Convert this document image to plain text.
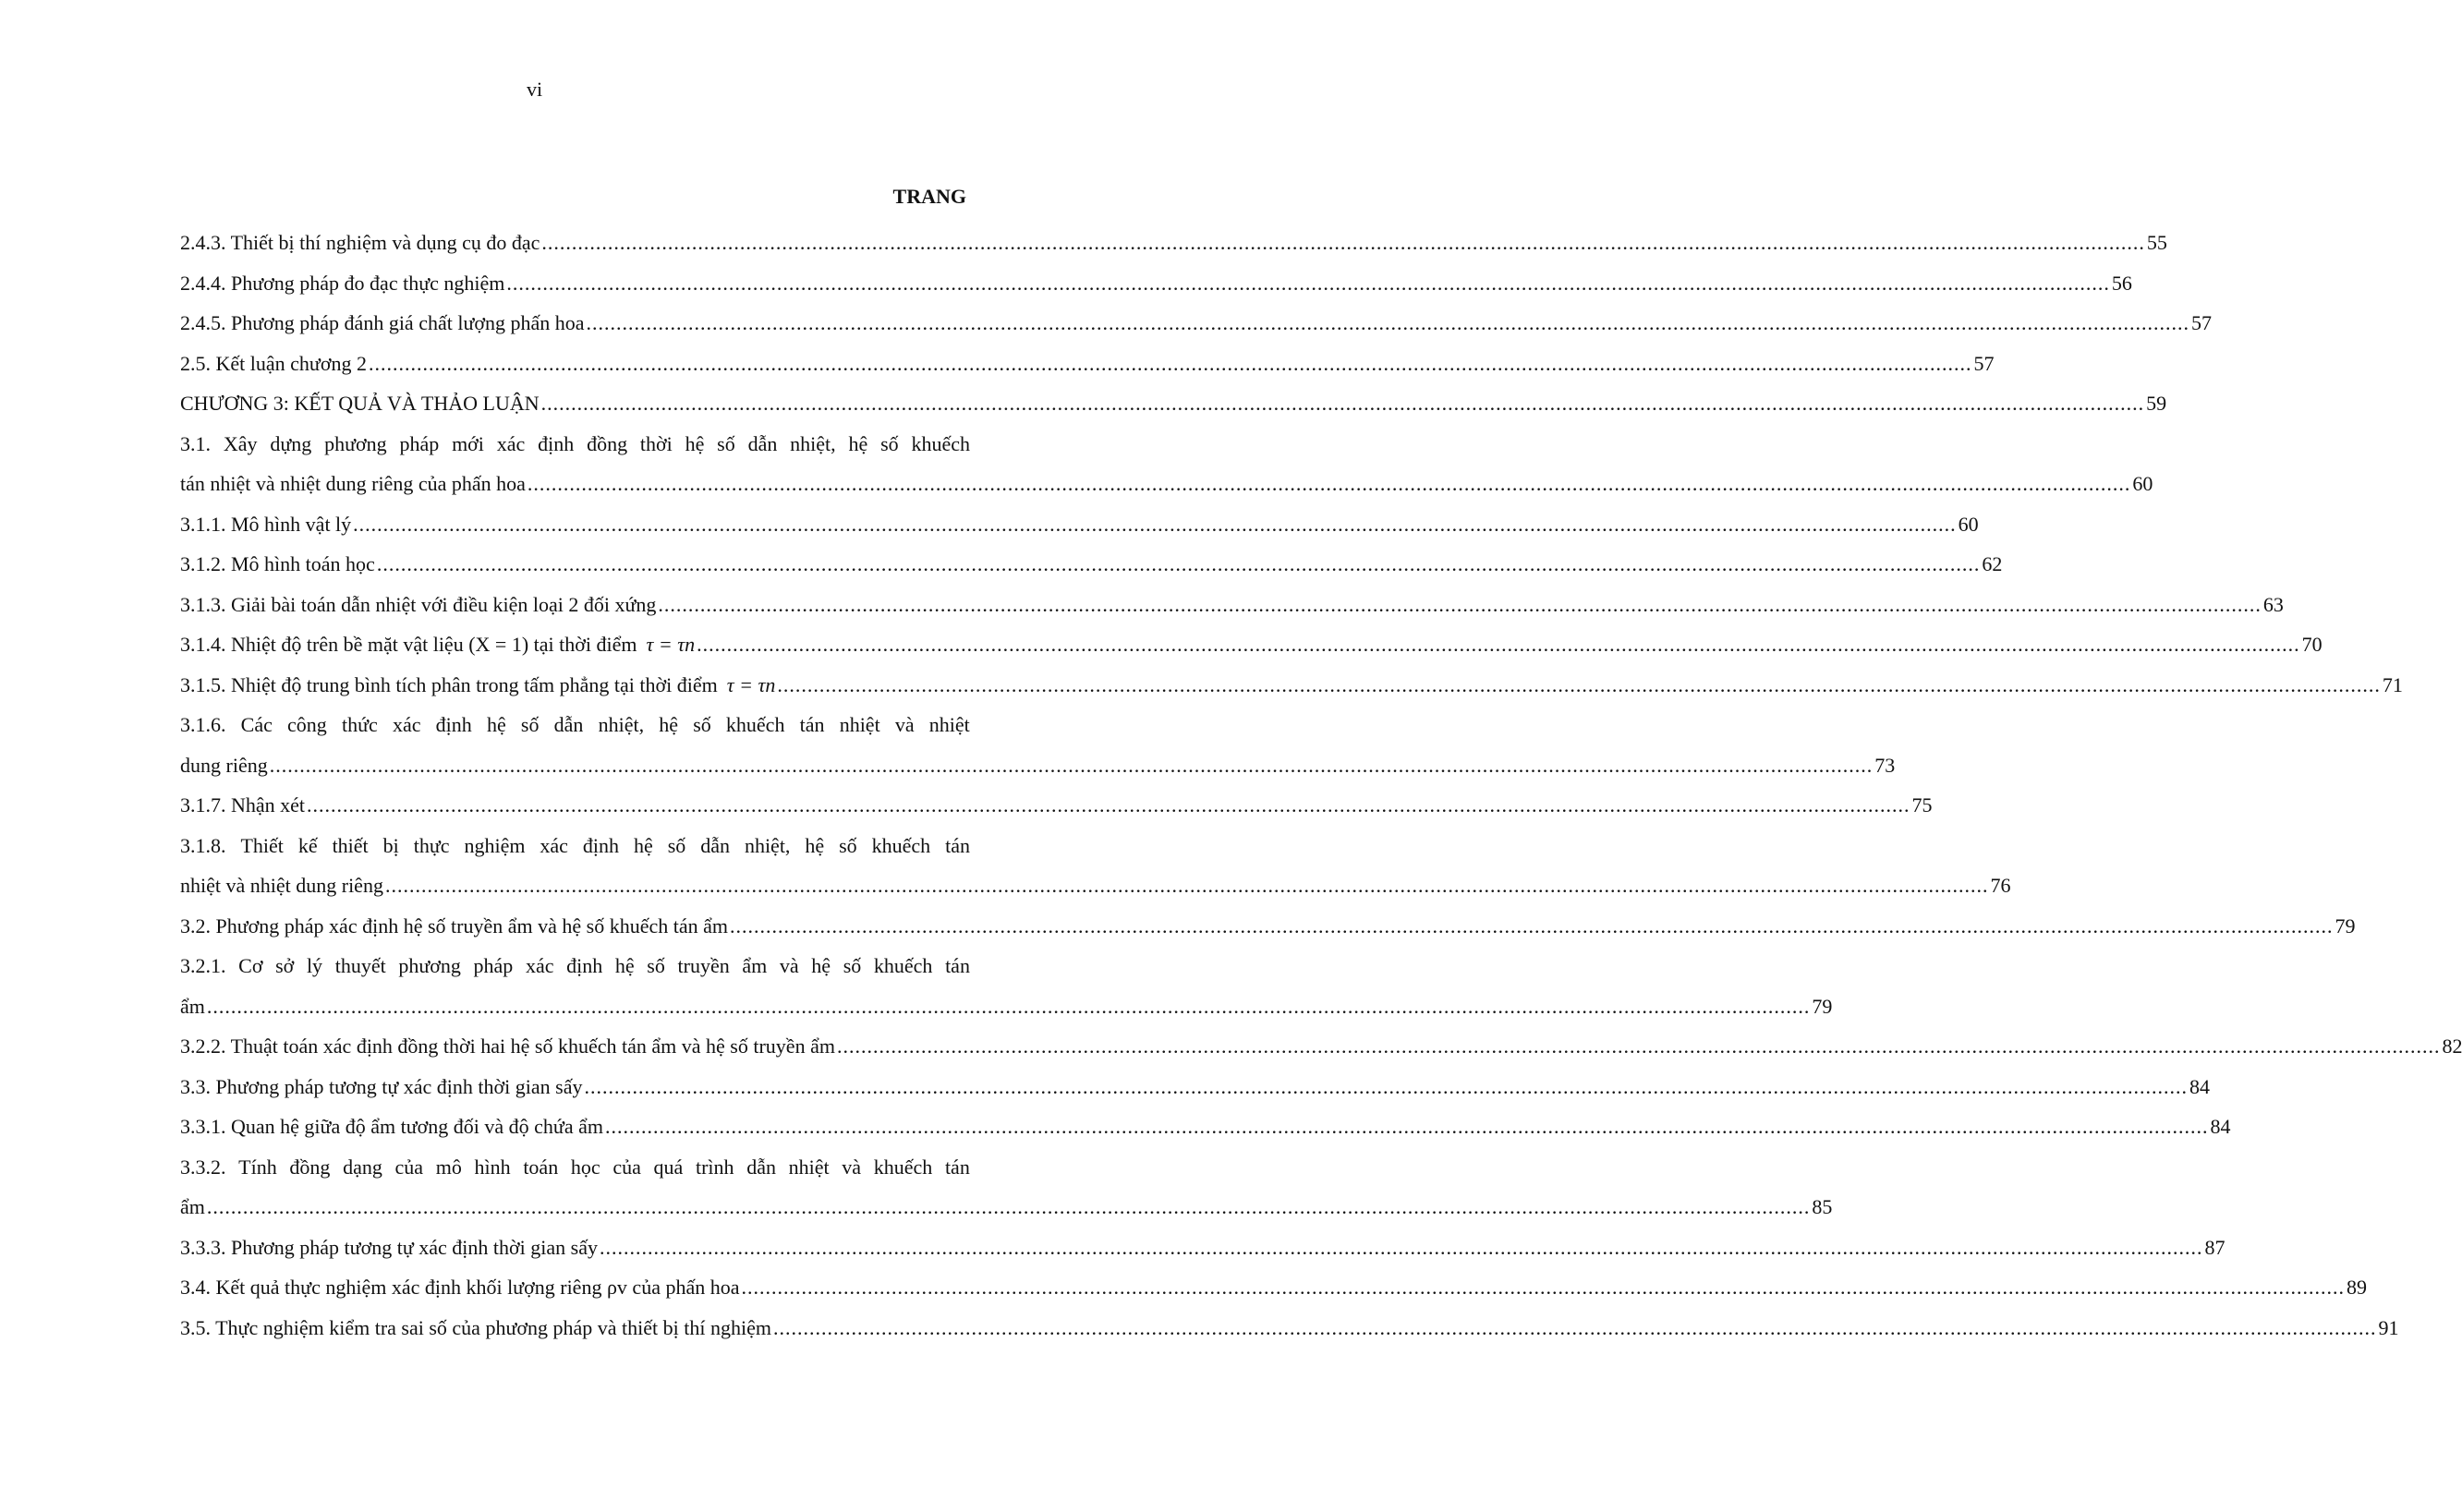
vi
TRANG
2.4.3. Thiết bị thí nghiệm và dụng cụ đo đạc ........................................................................................................................................................................................................................................................................... 55
2.4.4. Phương pháp đo đạc thực nghiệm ........................................................................................................................................................................................................................................................................... 56
2.4.5. Phương pháp đánh giá chất lượng phấn hoa ........................................................................................................................................................................................................................................................................... 57
2.5. Kết luận chương 2 ........................................................................................................................................................................................................................................................................... 57
CHƯƠNG 3: KẾT QUẢ VÀ THẢO LUẬN ........................................................................................................................................................................................................................................................................... 59
3.1. Xây dựng phương pháp mới xác định đồng thời hệ số dẫn nhiệt, hệ số khuếch
tán nhiệt và nhiệt dung riêng của phấn hoa ........................................................................................................................................................................................................................................................................... 60
3.1.1. Mô hình vật lý ........................................................................................................................................................................................................................................................................... 60
3.1.2. Mô hình toán học ........................................................................................................................................................................................................................................................................... 62
3.1.3. Giải bài toán dẫn nhiệt với điều kiện loại 2 đối xứng ........................................................................................................................................................................................................................................................................... 63
3.1.4. Nhiệt độ trên bề mặt vật liệu (X = 1) tại thời điểm τ = τn ........................................................................................................................................................................................................................................................................... 70
3.1.5. Nhiệt độ trung bình tích phân trong tấm phẳng tại thời điểm τ = τn ........................................................................................................................................................................................................................................................................... 71
3.1.6. Các công thức xác định hệ số dẫn nhiệt, hệ số khuếch tán nhiệt và nhiệt
dung riêng ........................................................................................................................................................................................................................................................................... 73
3.1.7. Nhận xét ........................................................................................................................................................................................................................................................................... 75
3.1.8. Thiết kế thiết bị thực nghiệm xác định hệ số dẫn nhiệt, hệ số khuếch tán
nhiệt và nhiệt dung riêng ........................................................................................................................................................................................................................................................................... 76
3.2. Phương pháp xác định hệ số truyền ẩm và hệ số khuếch tán ẩm ........................................................................................................................................................................................................................................................................... 79
3.2.1. Cơ sở lý thuyết phương pháp xác định hệ số truyền ẩm và hệ số khuếch tán
ẩm ........................................................................................................................................................................................................................................................................... 79
3.2.2. Thuật toán xác định đồng thời hai hệ số khuếch tán ẩm và hệ số truyền ẩm ........................................................................................................................................................................................................................................................................... 82
3.3. Phương pháp tương tự xác định thời gian sấy ........................................................................................................................................................................................................................................................................... 84
3.3.1. Quan hệ giữa độ ẩm tương đối và độ chứa ẩm ........................................................................................................................................................................................................................................................................... 84
3.3.2. Tính đồng dạng của mô hình toán học của quá trình dẫn nhiệt và khuếch tán
ẩm ........................................................................................................................................................................................................................................................................... 85
3.3.3. Phương pháp tương tự xác định thời gian sấy ........................................................................................................................................................................................................................................................................... 87
3.4. Kết quả thực nghiệm xác định khối lượng riêng ρv của phấn hoa ........................................................................................................................................................................................................................................................................... 89
3.5. Thực nghiệm kiểm tra sai số của phương pháp và thiết bị thí nghiệm ........................................................................................................................................................................................................................................................................... 91
